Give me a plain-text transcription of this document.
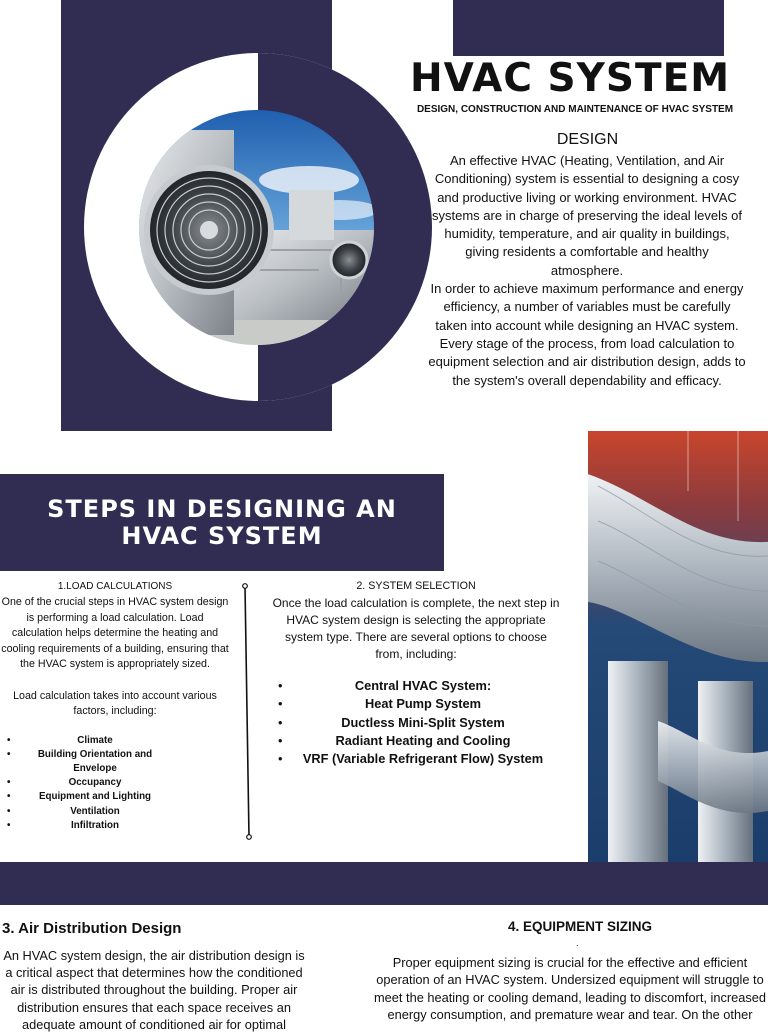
HVAC SYSTEM
DESIGN, CONSTRUCTION AND MAINTENANCE OF HVAC SYSTEM
DESIGN
An effective HVAC (Heating, Ventilation, and Air Conditioning) system is essential to designing a cosy and productive living or working environment. HVAC systems are in charge of preserving the ideal levels of humidity, temperature, and air quality in buildings, giving residents a comfortable and healthy atmosphere.
In order to achieve maximum performance and energy efficiency, a number of variables must be carefully taken into account while designing an HVAC system. Every stage of the process, from load calculation to equipment selection and air distribution design, adds to the system's overall dependability and efficacy.
STEPS IN DESIGNING AN HVAC SYSTEM
1.LOAD CALCULATIONS

One of the crucial steps in HVAC system design is performing a load calculation. Load calculation helps determine the heating and cooling requirements of a building, ensuring that the HVAC system is appropriately sized.

Load calculation takes into account various factors, including:

• Climate
• Building Orientation and Envelope
• Occupancy
• Equipment and Lighting
• Ventilation
• Infiltration
2. SYSTEM SELECTION

Once the load calculation is complete, the next step in HVAC system design is selecting the appropriate system type. There are several options to choose from, including:

• Central HVAC System:
• Heat Pump System
• Ductless Mini-Split System
• Radiant Heating and Cooling
• VRF (Variable Refrigerant Flow) System
3. Air Distribution Design
An HVAC system design, the air distribution design is a critical aspect that determines how the conditioned air is distributed throughout the building. Proper air distribution ensures that each space receives an adequate amount of conditioned air for optimal
4. EQUIPMENT SIZING
.
Proper equipment sizing is crucial for the effective and efficient operation of an HVAC system. Undersized equipment will struggle to meet the heating or cooling demand, leading to discomfort, increased energy consumption, and premature wear and tear. On the other
